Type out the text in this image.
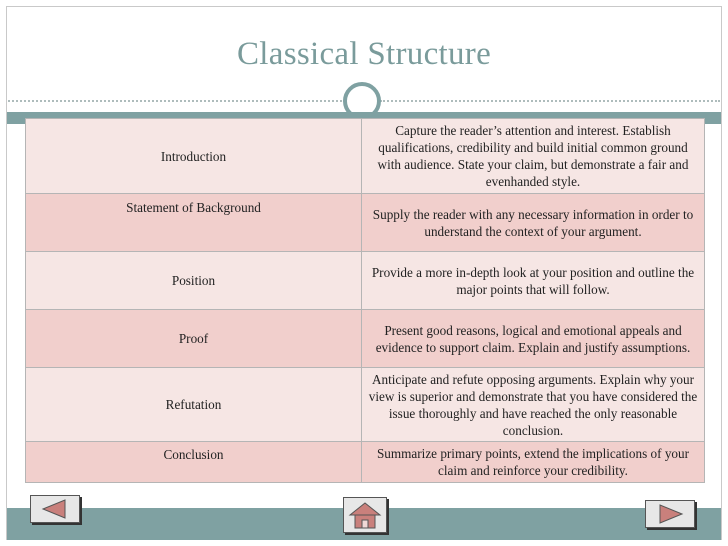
Classical Structure
Introduction	Capture the reader’s attention and interest. Establish qualifications, credibility and build initial common ground with audience. State your claim, but demonstrate a fair and evenhanded style.
Statement of Background	Supply the reader with any necessary information in order to understand the context of your argument.
Position	Provide a more in-depth look at your position and outline the major points that will follow.
Proof	Present good reasons, logical and emotional appeals and evidence to support claim. Explain and justify assumptions.
Refutation	Anticipate and refute opposing arguments. Explain why your view is superior and demonstrate that you have considered the issue thoroughly and have reached the only reasonable conclusion.
Conclusion	Summarize primary points, extend the implications of your claim and reinforce your credibility.
